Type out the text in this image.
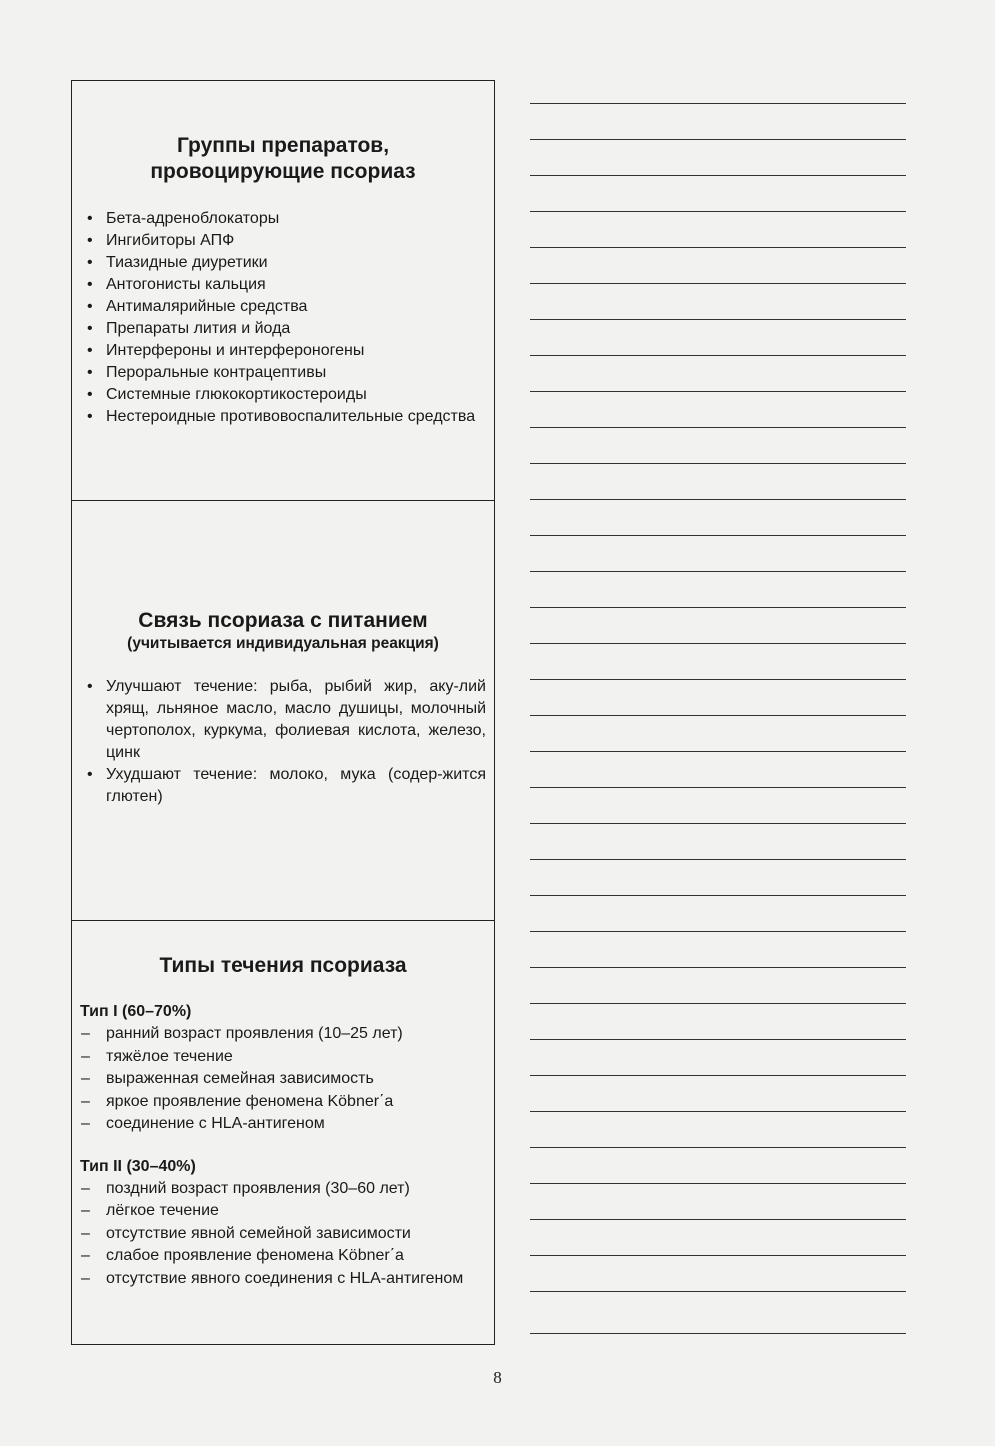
Группы препаратов,

провоцирующие псориаз

• Бета-адреноблокаторы
• Ингибиторы АПФ
• Тиазидные диуретики
• Антогонисты кальция
• Антималярийные средства
• Препараты лития и йода
• Интерфероны и интерфероногены
• Пероральные контрацептивы
• Системные глюкокортикостероиды
• Нестероидные противовоспалительные средства

Связь псориаза с питанием

(учитывается индивидуальная реакция)

• Улучшают течение: рыба, рыбий жир, аку-лий хрящ, льняное масло, масло душицы, молочный чертополох, куркума, фолиевая кислота, железо, цинк
• Ухудшают течение: молоко, мука (содер-жится глютен)

Типы течения псориаза

Тип I (60–70%)

– ранний возраст проявления (10–25 лет)
– тяжёлое течение
– выраженная семейная зависимость
– яркое проявление феномена Köbner΄a
– соединение с HLA-антигеном

Тип II (30–40%)

– поздний возраст проявления (30–60 лет)
– лёгкое течение
– отсутствие явной семейной зависимости
– слабое проявление феномена Köbner΄a
– отсутствие явного соединения с HLA-антигеном
8
